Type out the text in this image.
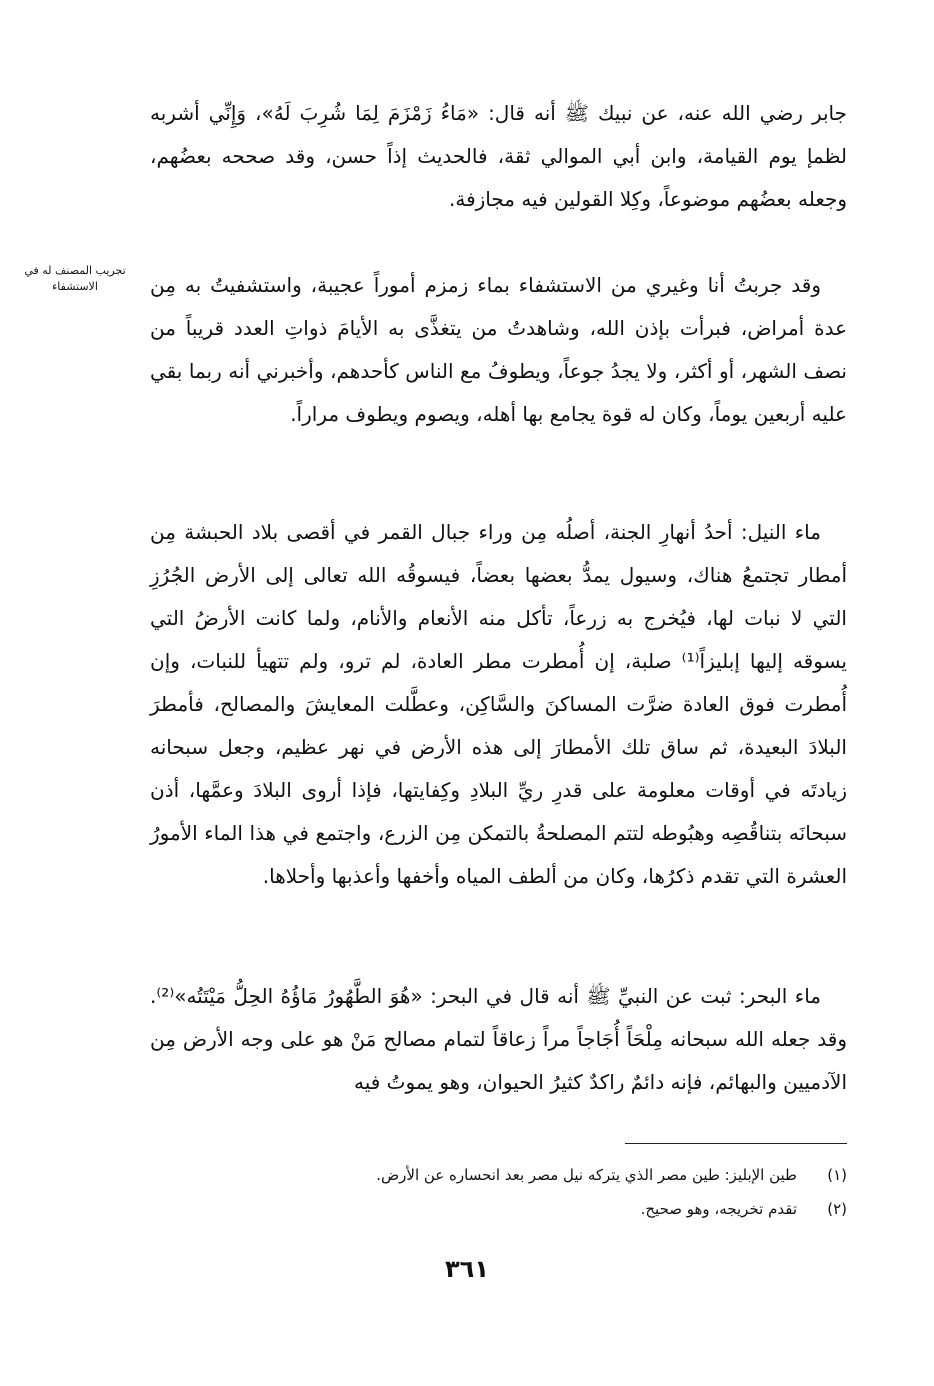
تجريب المصنف له في الاستشفاء

جابر رضي الله عنه، عن نبيك ﷺ أنه قال: «مَاءُ زَمْزَمَ لِمَا شُرِبَ لَهُ»، وَإِنِّي أشربه لظمإ يوم القيامة، وابن أبي الموالي ثقة، فالحديث إذاً حسن، وقد صححه بعضُهم، وجعله بعضُهم موضوعاً، وكِلا القولين فيه مجازفة.

وقد جربتُ أنا وغيري من الاستشفاء بماء زمزم أموراً عجيبة، واستشفيتُ به مِن عدة أمراض، فبرأت بإذن الله، وشاهدتُ من يتغذَّى به الأيامَ ذواتِ العدد قريباً من نصف الشهر، أو أكثر، ولا يجدُ جوعاً، ويطوفُ مع الناس كأحدهم، وأخبرني أنه ربما بقي عليه أربعين يوماً، وكان له قوة يجامع بها أهله، ويصوم ويطوف مراراً.

ماء النيل: أحدُ أنهارِ الجنة، أصلُه مِن وراء جبال القمر في أقصى بلاد الحبشة مِن أمطار تجتمعُ هناك، وسيول يمدُّ بعضها بعضاً، فيسوقُه الله تعالى إلى الأرض الجُرُزِ التي لا نبات لها، فيُخرج به زرعاً، تأكل منه الأنعام والأنام، ولما كانت الأرضُ التي يسوقه إليها إبليزاً⁽¹⁾ صلبة، إن أُمطرت مطر العادة، لم ترو، ولم تتهيأ للنبات، وإن أُمطرت فوق العادة ضرَّت المساكنَ والسَّاكِن، وعطَّلت المعايشَ والمصالح، فأمطرَ البلادَ البعيدة، ثم ساق تلك الأمطارَ إلى هذه الأرض في نهر عظيم، وجعل سبحانه زيادتَه في أوقات معلومة على قدرِ ريِّ البلادِ وكِفايتها، فإذا أروى البلادَ وعمَّها، أذن سبحانَه بتناقُصِه وهبُوطه لتتم المصلحةُ بالتمكن مِن الزرع، واجتمع في هذا الماء الأمورُ العشرة التي تقدم ذكرُها، وكان من ألطف المياه وأخفها وأعذبها وأحلاها.

ماء البحر: ثبت عن النبيِّ ﷺ أنه قال في البحر: «هُوَ الطَّهُورُ مَاؤُهُ الحِلُّ مَيْتَتُه»⁽²⁾. وقد جعله الله سبحانه مِلْحَاً أُجَاجاً مراً زعاقاً لتمام مصالح مَنْ هو على وجه الأرض مِن الآدميين والبهائم، فإنه دائمٌ راكدٌ كثيرُ الحيوان، وهو يموتُ فيه

(١)
طين الإبليز: طين مصر الذي يتركه نيل مصر بعد انحساره عن الأرض.
(٢)
تقدم تخريجه، وهو صحيح.
٣٦١
